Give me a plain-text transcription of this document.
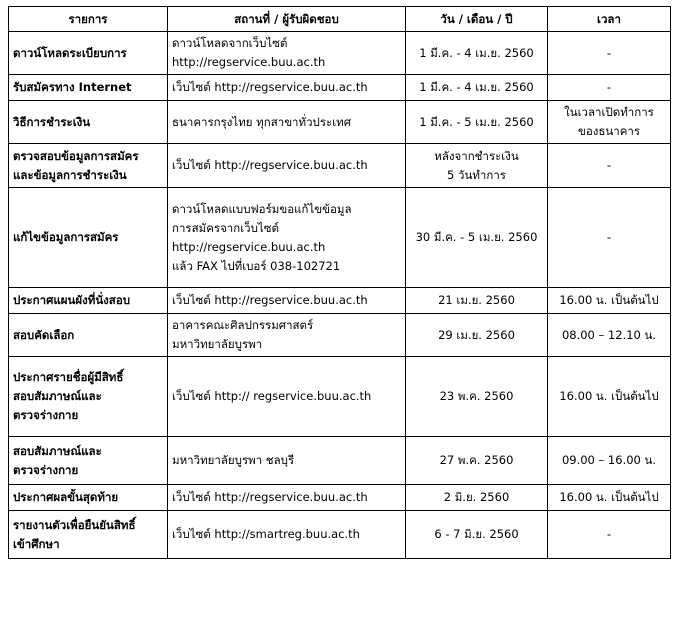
รายการ	สถานที่ / ผู้รับผิดชอบ	วัน / เดือน / ปี	เวลา

ดาวน์โหลดระเบียบการ	ดาวน์โหลดจากเว็บไซต์
http://regservice.buu.ac.th	1 มี.ค. - 4 เม.ย. 2560	-

รับสมัครทาง Internet	เว็บไซต์ http://regservice.buu.ac.th	1 มี.ค. - 4 เม.ย. 2560	-

วิธีการชำระเงิน	ธนาคารกรุงไทย ทุกสาขาทั่วประเทศ	1 มี.ค. - 5 เม.ย. 2560	ในเวลาเปิดทำการ
ของธนาคาร

ตรวจสอบข้อมูลการสมัคร
และข้อมูลการชำระเงิน	เว็บไซต์ http://regservice.buu.ac.th	หลังจากชำระเงิน
5 วันทำการ	-

แก้ไขข้อมูลการสมัคร	ดาวน์โหลดแบบฟอร์มขอแก้ไขข้อมูล
การสมัครจากเว็บไซต์
http://regservice.buu.ac.th
แล้ว FAX ไปที่เบอร์ 038-102721	30 มี.ค. - 5 เม.ย. 2560	-

ประกาศแผนผังที่นั่งสอบ	เว็บไซต์ http://regservice.buu.ac.th	21 เม.ย. 2560	16.00 น. เป็นต้นไป

สอบคัดเลือก	อาคารคณะศิลปกรรมศาสตร์
มหาวิทยาลัยบูรพา	29 เม.ย. 2560	08.00 – 12.10 น.

ประกาศรายชื่อผู้มีสิทธิ์
สอบสัมภาษณ์และ
ตรวจร่างกาย	เว็บไซต์ http:// regservice.buu.ac.th	23 พ.ค. 2560	16.00 น. เป็นต้นไป

สอบสัมภาษณ์และ
ตรวจร่างกาย	มหาวิทยาลัยบูรพา ชลบุรี	27 พ.ค. 2560	09.00 – 16.00 น.

ประกาศผลขั้นสุดท้าย	เว็บไซต์ http://regservice.buu.ac.th	2 มิ.ย. 2560	16.00 น. เป็นต้นไป

รายงานตัวเพื่อยืนยันสิทธิ์
เข้าศึกษา	เว็บไซต์ http://smartreg.buu.ac.th	6 - 7 มิ.ย. 2560	-
